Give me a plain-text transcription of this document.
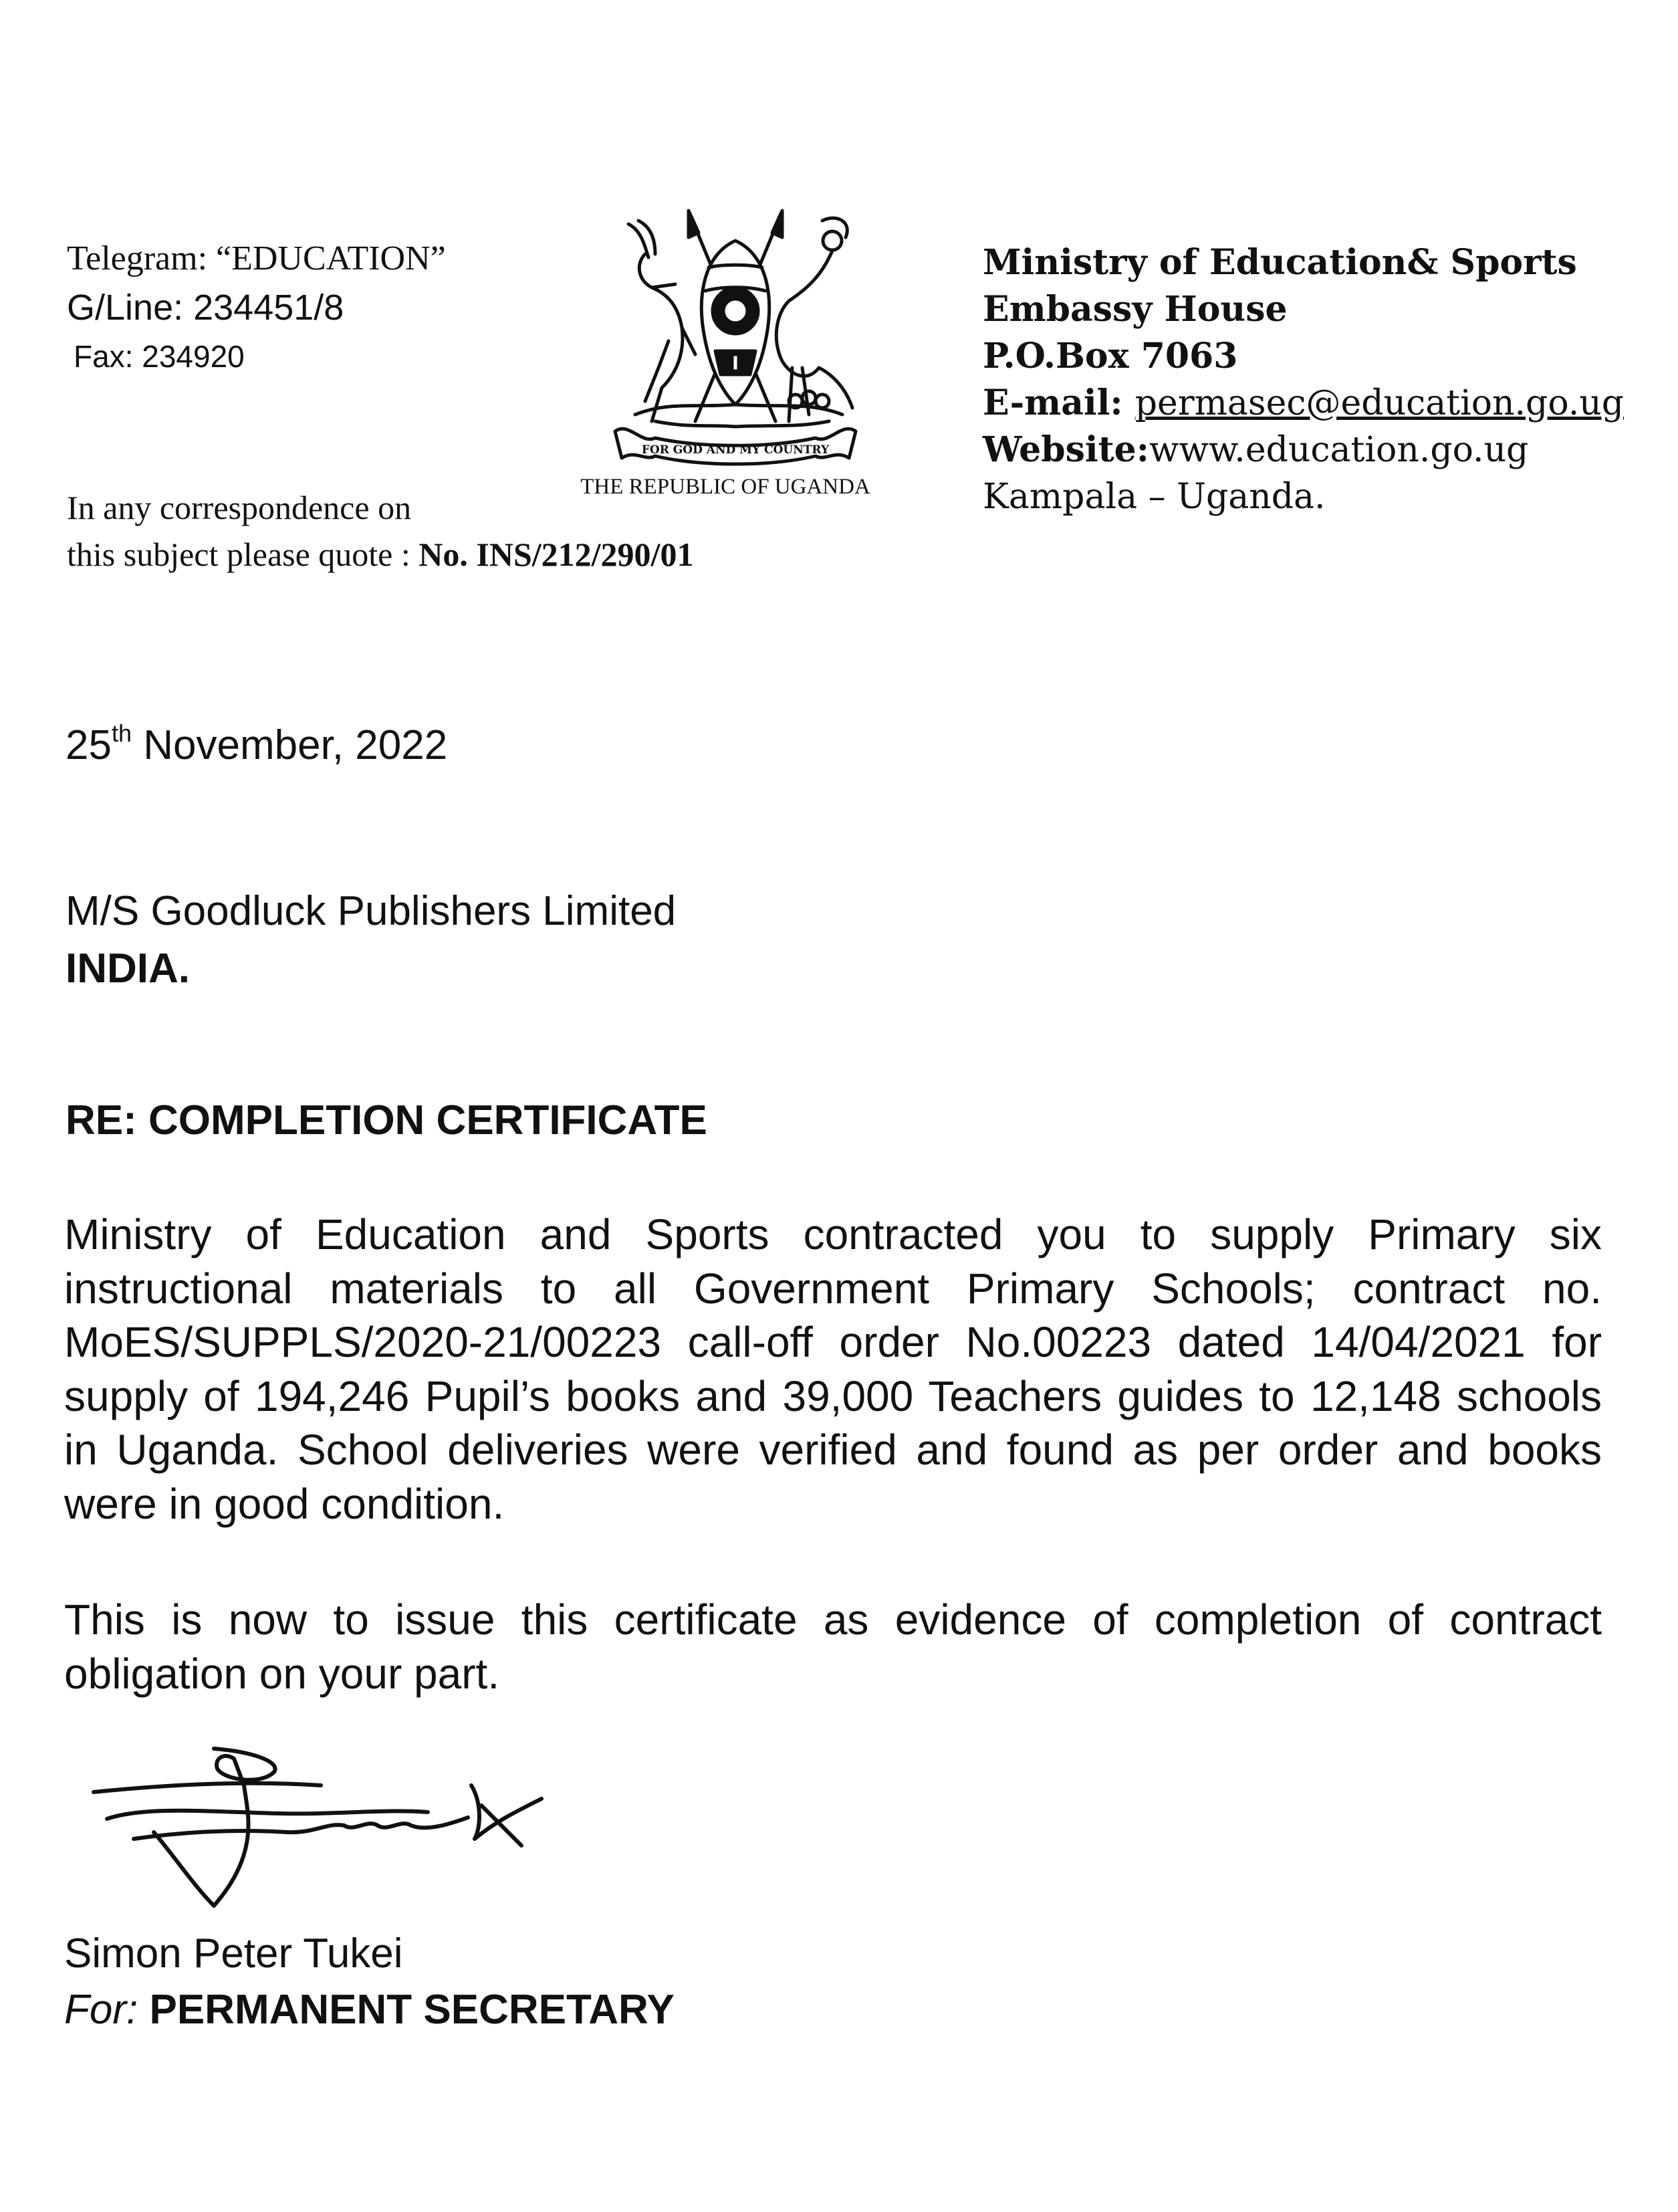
Telegram: “EDUCATION”
G/Line: 234451/8
Fax: 234920
FOR GOD AND MY COUNTRY
THE REPUBLIC OF UGANDA
Ministry of Education& Sports
Embassy House
P.O.Box 7063
E-mail: permasec@education.go.ug
Website:www.education.go.ug
Kampala – Uganda.
In any correspondence on
this subject please quote : No. INS/212/290/01
25th November, 2022
M/S Goodluck Publishers Limited
INDIA.
RE: COMPLETION CERTIFICATE
Ministry of Education and Sports contracted you to supply Primary six instructional materials to all Government Primary Schools; contract no. MoES/SUPPLS/2020-21/00223 call-off order No.00223 dated 14/04/2021 for supply of 194,246 Pupil’s books and 39,000 Teachers guides to 12,148 schools in Uganda. School deliveries were verified and found as per order and books were in good condition.
This is now to issue this certificate as evidence of completion of contract obligation on your part.
Simon Peter Tukei
For: PERMANENT SECRETARY
